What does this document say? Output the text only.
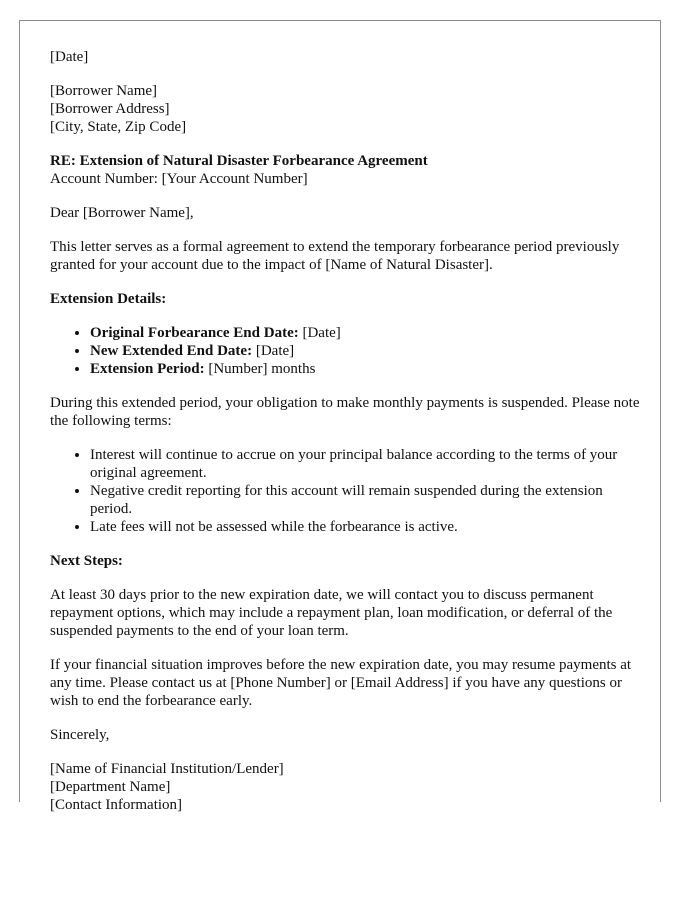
[Date]

[Borrower Name]
[Borrower Address]
[City, State, Zip Code]

RE: Extension of Natural Disaster Forbearance Agreement
Account Number: [Your Account Number]

Dear [Borrower Name],

This letter serves as a formal agreement to extend the temporary forbearance period previously granted for your account due to the impact of [Name of Natural Disaster].

Extension Details:

• Original Forbearance End Date: [Date]
• New Extended End Date: [Date]
• Extension Period: [Number] months

During this extended period, your obligation to make monthly payments is suspended. Please note the following terms:

• Interest will continue to accrue on your principal balance according to the terms of your original agreement.
• Negative credit reporting for this account will remain suspended during the extension period.
• Late fees will not be assessed while the forbearance is active.

Next Steps:

At least 30 days prior to the new expiration date, we will contact you to discuss permanent repayment options, which may include a repayment plan, loan modification, or deferral of the suspended payments to the end of your loan term.

If your financial situation improves before the new expiration date, you may resume payments at any time. Please contact us at [Phone Number] or [Email Address] if you have any questions or wish to end the forbearance early.

Sincerely,

[Name of Financial Institution/Lender]
[Department Name]
[Contact Information]
